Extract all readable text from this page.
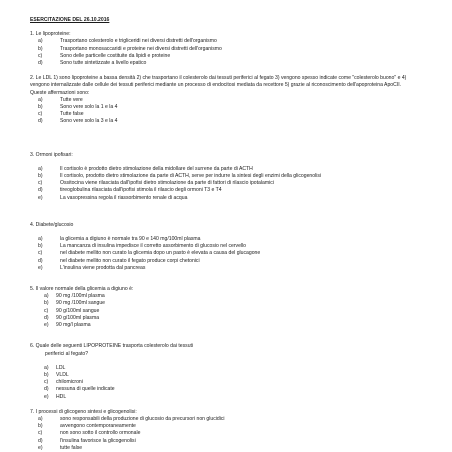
ESERCITAZIONE DEL 26.10.2016

1. Le lipoproteine:

a)	Trasportano colesterolo e trigliceridi nei diversi distretti dell'organismo
b)	Trasportano monosaccaridi e proteine nei diversi distretti dell'organismo
c)	Sono delle particelle costituite da lipidi e proteine
d)	Sono tutte sintetizzate a livello epatico

2. Le LDL 1) sono lipoproteine a bassa densità 2) che trasportano il colesterolo dai tessuti periferici al fegato 3) vengono spesso indicate come "colesterolo buono" e 4) vengono internalizzate dalle cellule dei tessuti periferici mediante un processo di endocitosi mediata da recettore 5) grazie al riconoscimento dell'apoproteina ApoCII. Queste affermazioni sono:

a)	Tutte vere
b)	Sono vere solo la 1 e la 4
c)	Tutte false
d)	Sono vere solo la 3 e la 4

3. Ormoni ipofisari:

a)	Il cortisolo è prodotto dietro stimolazione della midollare del surrene da parte di ACTH
b)	Il cortisolo, prodotto dietro stimolazione da parte di ACTH, serve per indurre la sintesi degli enzimi della glicogenolisi
c)	Ossitocina viene rilasciata dall'ipofisi dietro stimolazione da parte di fattori di rilascio ipotalamici
d)	tireoglobulina rilasciata dall'ipofisi stimola il rilascio degli ormoni T3 e T4
e)	La vasopressina regola il riassorbimento renale di acqua

4. Diabete/glucosio

a)	la glicemia a digiuno è normale tra 90 e 140 mg/100ml plasma
b)	La mancanza di insulina impedisce il corretto assorbimento di glucosio nel cervello
c)	nel diabete mellito non curato la glicemia dopo un pasto è elevata a causa del glucagone
d)	nel diabete mellito non curato il fegato produce corpi chetonici
e)	L'insulina viene prodotta dal pancreas

5. Il valore normale della glicemia a digiuno è:

a)	90 mg /100ml plasma
b)	90 mg /100ml sangue
c)	90 g/100ml sangue
d)	90 g/100ml plasma
e)	90 mg/l plasma

6. Quale delle seguenti LIPOPROTEINE trasporta colesterolo dai tessuti

periferici al fegato?

a)	LDL
b)	VLDL
c)	chilomicroni
d)	nessuna di quelle indicate
e)	HDL

7. I processi di glicogeno sintesi e glicogenolisi:

a)	sono responsabili della produzione di glucosio da precursori non glucidici
b)	avvengono contemporaneamente
c)	non sono sotto il controllo ormonale
d)	l'insulina favorisce la glicogenolisi
e)	tutte false
